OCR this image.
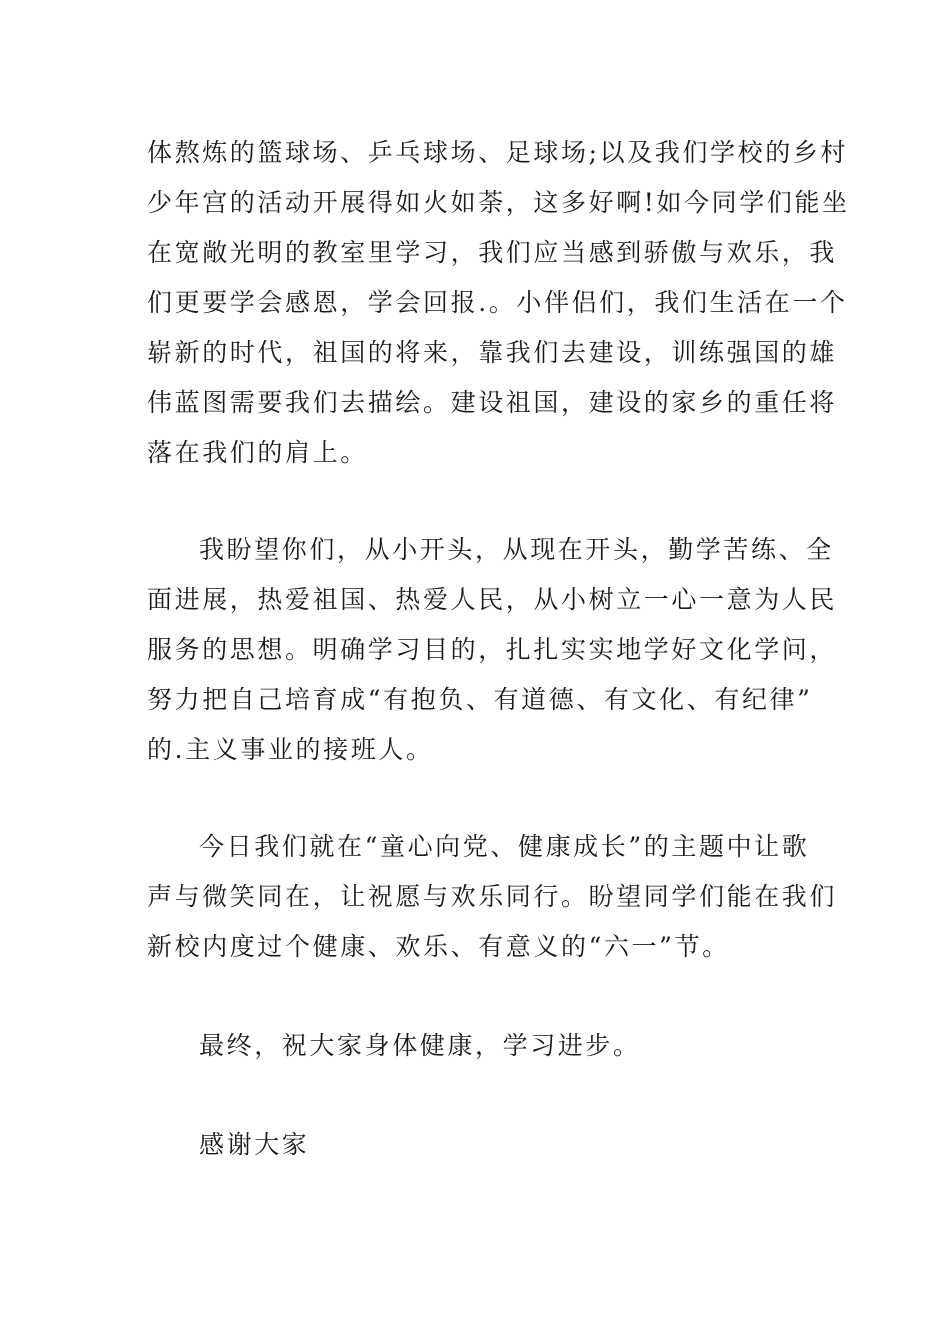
体熬炼的篮球场、乒乓球场、足球场;以及我们学校的乡村
少年宫的活动开展得如火如荼，这多好啊!如今同学们能坐
在宽敞光明的教室里学习，我们应当感到骄傲与欢乐，我
们更要学会感恩，学会回报.。小伴侣们，我们生活在一个
崭新的时代，祖国的将来，靠我们去建设，训练强国的雄
伟蓝图需要我们去描绘。建设祖国，建设的家乡的重任将
落在我们的肩上。
我盼望你们，从小开头，从现在开头，勤学苦练、全
面进展，热爱祖国、热爱人民，从小树立一心一意为人民
服务的思想。明确学习目的，扎扎实实地学好文化学问，
努力把自己培育成“有抱负、有道德、有文化、有纪律”
的.主义事业的接班人。
今日我们就在“童心向党、健康成长”的主题中让歌
声与微笑同在，让祝愿与欢乐同行。盼望同学们能在我们
新校内度过个健康、欢乐、有意义的“六一”节。
最终，祝大家身体健康，学习进步。
感谢大家
